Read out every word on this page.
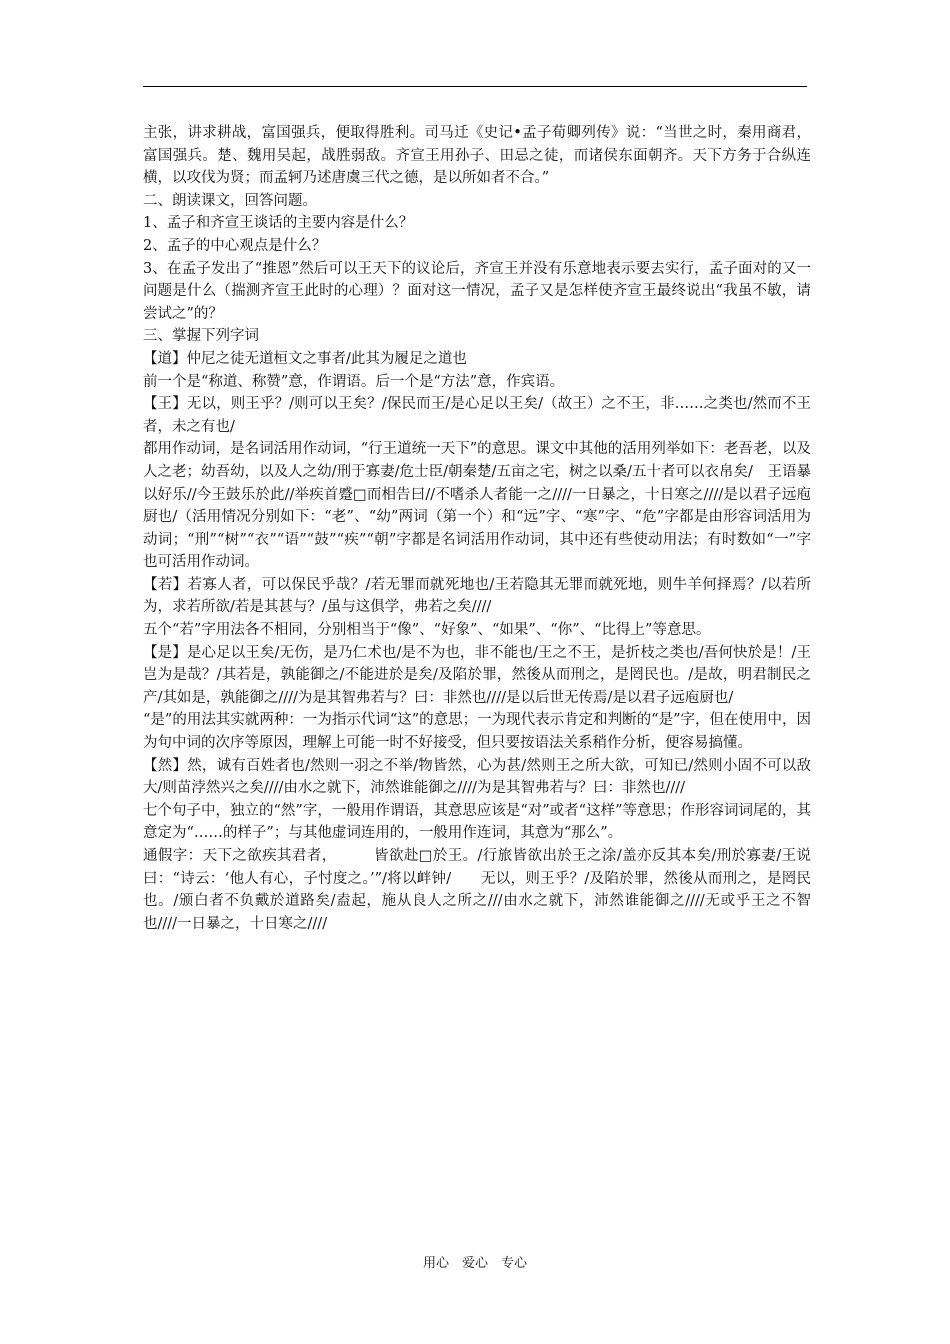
主张，讲求耕战，富国强兵，便取得胜利。司马迁《史记•孟子荀卿列传》说：“当世之时，秦用商君，富国强兵。楚、魏用吴起，战胜弱敌。齐宣王用孙子、田忌之徒，而诸侯东面朝齐。天下方务于合纵连横，以攻伐为贤；而孟轲乃述唐虞三代之德，是以所如者不合。”

二、朗读课文，回答问题。

1、孟子和齐宣王谈话的主要内容是什么？

2、孟子的中心观点是什么？

3、在孟子发出了“推恩”然后可以王天下的议论后，齐宣王并没有乐意地表示要去实行，孟子面对的又一问题是什么（揣测齐宣王此时的心理）？面对这一情况，孟子又是怎样使齐宣王最终说出“我虽不敏，请尝试之”的？

三、掌握下列字词

【道】仲尼之徒无道桓文之事者/此其为履足之道也

前一个是“称道、称赞”意，作谓语。后一个是“方法”意，作宾语。

【王】无以，则王乎？/则可以王矣？/保民而王/是心足以王矣/（故王）之不王，非……之类也/然而不王者，未之有也/

都用作动词，是名词活用作动词，“行王道统一天下”的意思。课文中其他的活用列举如下：老吾老，以及人之老；幼吾幼，以及人之幼/刑于寡妻/危士臣/朝秦楚/五亩之宅，树之以桑/五十者可以衣帛矣/　王语暴以好乐//今王鼓乐於此//举疾首蹙□而相告曰//不嗜杀人者能一之////一日暴之，十日寒之////是以君子远庖厨也/（活用情况分别如下：“老”、“幼”两词（第一个）和“远”字、“寒”字、“危”字都是由形容词活用为动词；“刑”“树”“衣”“语”“鼓”“疾”“朝”字都是名词活用作动词，其中还有些使动用法；有时数如“一”字也可活用作动词。

【若】若寡人者，可以保民乎哉？/若无罪而就死地也/王若隐其无罪而就死地，则牛羊何择焉？/以若所为，求若所欲/若是其甚与？/虽与这俱学，弗若之矣////

五个“若”字用法各不相同，分别相当于“像”、“好象”、“如果”、“你”、“比得上”等意思。

【是】是心足以王矣/无伤，是乃仁术也/是不为也，非不能也/王之不王，是折枝之类也/吾何快於是！/王岂为是哉？/其若是，孰能御之/不能进於是矣/及陷於罪，然後从而刑之，是罔民也。/是故，明君制民之产/其如是，孰能御之////为是其智弗若与？曰：非然也////是以后世无传焉/是以君子远庖厨也/

“是”的用法其实就两种：一为指示代词“这”的意思；一为现代表示肯定和判断的“是”字，但在使用中，因为句中词的次序等原因，理解上可能一时不好接受，但只要按语法关系稍作分析，便容易搞懂。

【然】然，诚有百姓者也/然则一羽之不举/物皆然，心为甚/然则王之所大欲，可知已/然则小固不可以敌大/则苗浡然兴之矣////由水之就下，沛然谁能御之////为是其智弗若与？曰：非然也////

七个句子中，独立的“然”字，一般用作谓语，其意思应该是“对”或者“这样”等意思；作形容词词尾的，其意定为“……的样子”；与其他虚词连用的，一般用作连词，其意为“那么”。

通假字：天下之欲疾其君者，　　　皆欲赴□於王。/行旅皆欲出於王之涂/盖亦反其本矣/刑於寡妻/王说曰：“诗云：‘他人有心，子忖度之。’”/将以衅钟/　　无以，则王乎？/及陷於罪，然後从而刑之，是罔民也。/颁白者不负戴於道路矣/盍起，施从良人之所之///由水之就下，沛然谁能御之////无或乎王之不智也////一日暴之，十日寒之////

用心　爱心　专心
